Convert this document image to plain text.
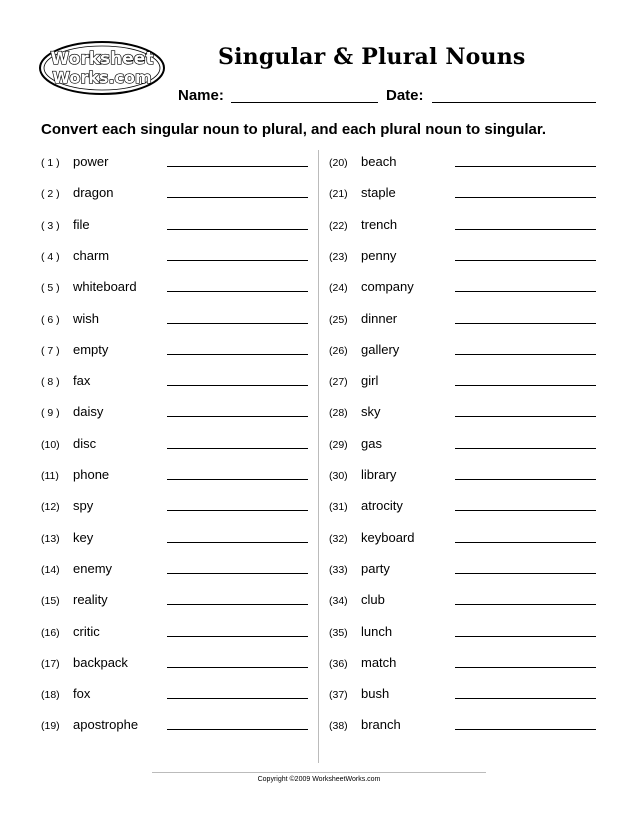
Worksheet
Works.com
Singular & Plural Nouns
Name:	Date:
Convert each singular noun to plural, and each plural noun to singular.
( 1 ) power
( 2 ) dragon
( 3 ) file
( 4 ) charm
( 5 ) whiteboard
( 6 ) wish
( 7 ) empty
( 8 ) fax
( 9 ) daisy
(10) disc
(11) phone
(12) spy
(13) key
(14) enemy
(15) reality
(16) critic
(17) backpack
(18) fox
(19) apostrophe
(20) beach
(21) staple
(22) trench
(23) penny
(24) company
(25) dinner
(26) gallery
(27) girl
(28) sky
(29) gas
(30) library
(31) atrocity
(32) keyboard
(33) party
(34) club
(35) lunch
(36) match
(37) bush
(38) branch
Copyright ©2009 WorksheetWorks.com
